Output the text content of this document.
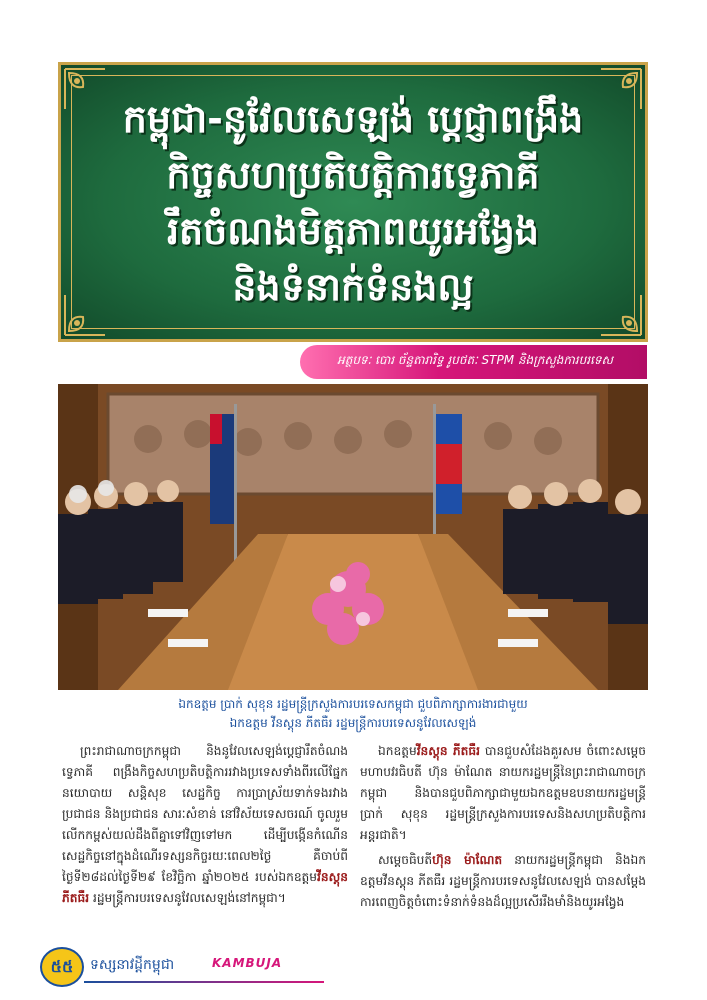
កម្ពុជា-នូវែលសេឡង់ ប្តេជ្ញាពង្រឹង
កិច្ចសហប្រតិបត្តិការទ្វេភាគី
រឹតចំណងមិត្តភាពយូរអង្វែង
និងទំនាក់ទំនងល្អ
អត្ថបទៈ បោរ ច័ន្ទតារារិទ្ធ រូបថតៈ STPM និងក្រសួងការបរទេស
ឯកឧត្តម ប្រាក់ សុខុន រដ្ឋមន្ត្រីក្រសួងការបរទេសកម្ពុជា ជួបពិភាក្សាការងារជាមួយ
ឯកឧត្តម វីនស្តុន ភីតធឺរ រដ្ឋមន្ត្រីការបរទេសនូវែលសេឡង់

ព្រះរាជាណាចក្រកម្ពុជា និងនូវែលសេឡង់ប្តេជ្ញារឹតចំណងទ្វេភាគី ពង្រឹងកិច្ចសហប្រតិបត្តិការរវាងប្រទេសទាំងពីរលើផ្នែកនយោបាយ សន្តិសុខ សេដ្ឋកិច្ច ការប្រាស្រ័យទាក់ទងរវាងប្រជាជន និងប្រជាជន សារៈសំខាន់ នៅវិស័យទេសចរណ៍ ចូលរួមលើកកម្ពស់យល់ដឹងពីគ្នាទៅវិញទៅមក ដើម្បីបង្កើនកំណើនសេដ្ឋកិច្ចនៅក្នុងដំណើរទស្សនកិច្ចរយៈពេល២ថ្ងៃ គឺចាប់ពីថ្ងៃទី២៨ដល់ថ្ងៃទី២៩ ខែវិច្ឆិកា ឆ្នាំ២០២៥ របស់ឯកឧត្តមវីនស្តុន ភីតធឺរ រដ្ឋមន្ត្រីការបរទេសនូវែលសេឡង់នៅកម្ពុជា។

ឯកឧត្តមវីនស្តុន ភីតធឺរ បានជួបសំដែងគួរសម ចំពោះសម្តេចមហាបវរធិបតី ហ៊ុន ម៉ាណែត នាយករដ្ឋមន្ត្រីនៃព្រះរាជាណាចក្រកម្ពុជា និងបានជួបពិភាក្សាជាមួយឯកឧត្តមឧបនាយករដ្ឋមន្ត្រី ប្រាក់ សុខុន រដ្ឋមន្ត្រីក្រសួងការបរទេសនិងសហប្រតិបត្តិការអន្តរជាតិ។

សម្តេចធិបតីហ៊ុន ម៉ាណែត នាយករដ្ឋមន្ត្រីកម្ពុជា និងឯកឧត្តមវីនស្តុន ភីតធឺរ រដ្ឋមន្ត្រីការបរទេសនូវែលសេឡង់ បានសម្តែងការពេញចិត្តចំពោះទំនាក់ទំនងដ៏ល្អប្រសើររឹងមាំនិងយូរអង្វែង

៥៥	ទស្សនាវដ្តីកម្ពុជា	KAMBUJA
